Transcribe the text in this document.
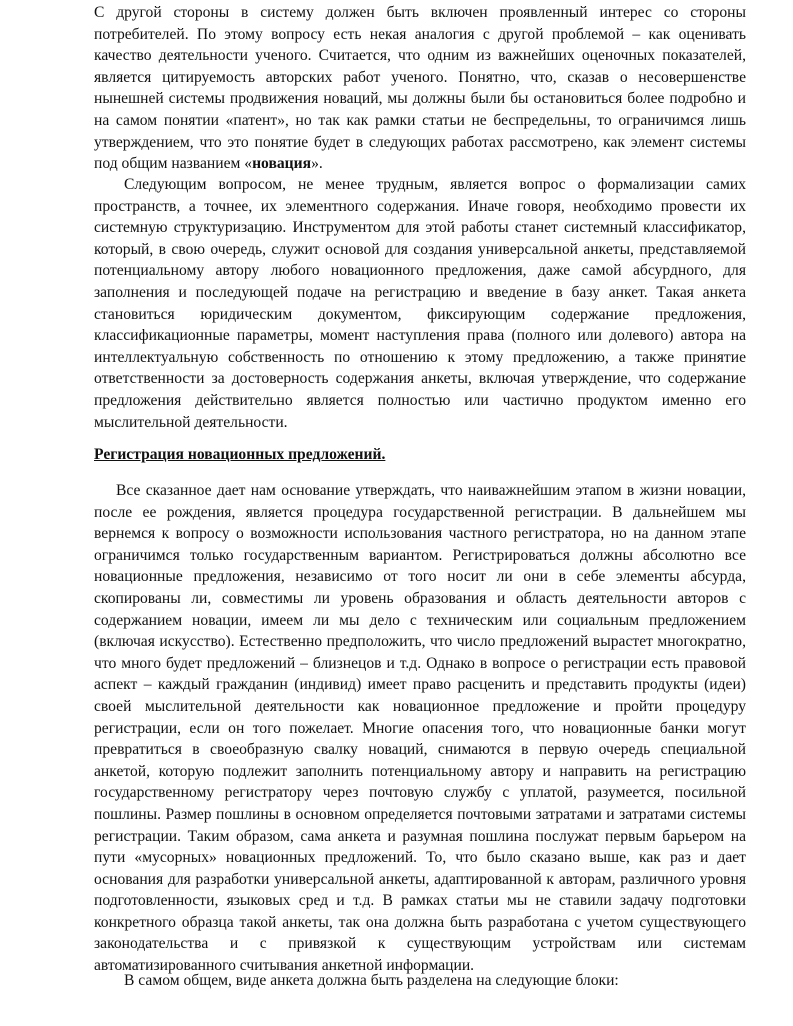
С другой стороны в систему должен быть включен проявленный интерес со стороны потребителей. По этому вопросу есть некая аналогия с другой проблемой – как оценивать качество деятельности ученого. Считается, что одним из важнейших оценочных показателей, является цитируемость авторских работ ученого. Понятно, что, сказав о несовершенстве нынешней системы продвижения новаций, мы должны были бы остановиться более подробно и на самом понятии «патент», но так как рамки статьи не беспредельны, то ограничимся лишь утверждением, что это понятие будет в следующих работах рассмотрено, как элемент системы под общим названием «новация».

Следующим вопросом, не менее трудным, является вопрос о формализации самих пространств, а точнее, их элементного содержания. Иначе говоря, необходимо провести их системную структуризацию. Инструментом для этой работы станет системный классификатор, который, в свою очередь, служит основой для создания универсальной анкеты, представляемой потенциальному автору любого новационного предложения, даже самой абсурдного, для заполнения и последующей подаче на регистрацию и введение в базу анкет. Такая анкета становиться юридическим документом, фиксирующим содержание предложения, классификационные параметры, момент наступления права (полного или долевого) автора на интеллектуальную собственность по отношению к этому предложению, а также принятие ответственности за достоверность содержания анкеты, включая утверждение, что содержание предложения действительно является полностью или частично продуктом именно его мыслительной деятельности.

Регистрация новационных предложений.

Все сказанное дает нам основание утверждать, что наиважнейшим этапом в жизни новации, после ее рождения, является процедура государственной регистрации. В дальнейшем мы вернемся к вопросу о возможности использования частного регистратора, но на данном этапе ограничимся только государственным вариантом. Регистрироваться должны абсолютно все новационные предложения, независимо от того носит ли они в себе элементы абсурда, скопированы ли, совместимы ли уровень образования и область деятельности авторов с содержанием новации, имеем ли мы дело с техническим или социальным предложением (включая искусство). Естественно предположить, что число предложений вырастет многократно, что много будет предложений – близнецов и т.д. Однако в вопросе о регистрации есть правовой аспект – каждый гражданин (индивид) имеет право расценить и представить продукты (идеи) своей мыслительной деятельности как новационное предложение и пройти процедуру регистрации, если он того пожелает. Многие опасения того, что новационные банки могут превратиться в своеобразную свалку новаций, снимаются в первую очередь специальной анкетой, которую подлежит заполнить потенциальному автору и направить на регистрацию государственному регистратору через почтовую службу с уплатой, разумеется, посильной пошлины. Размер пошлины в основном определяется почтовыми затратами и затратами системы регистрации. Таким образом, сама анкета и разумная пошлина послужат первым барьером на пути «мусорных» новационных предложений. То, что было сказано выше, как раз и дает основания для разработки универсальной анкеты, адаптированной к авторам, различного уровня подготовленности, языковых сред и т.д. В рамках статьи мы не ставили задачу подготовки конкретного образца такой анкеты, так она должна быть разработана с учетом существующего законодательства и с привязкой к существующим устройствам или системам автоматизированного считывания анкетной информации.

В самом общем, виде анкета должна быть разделена на следующие блоки:
